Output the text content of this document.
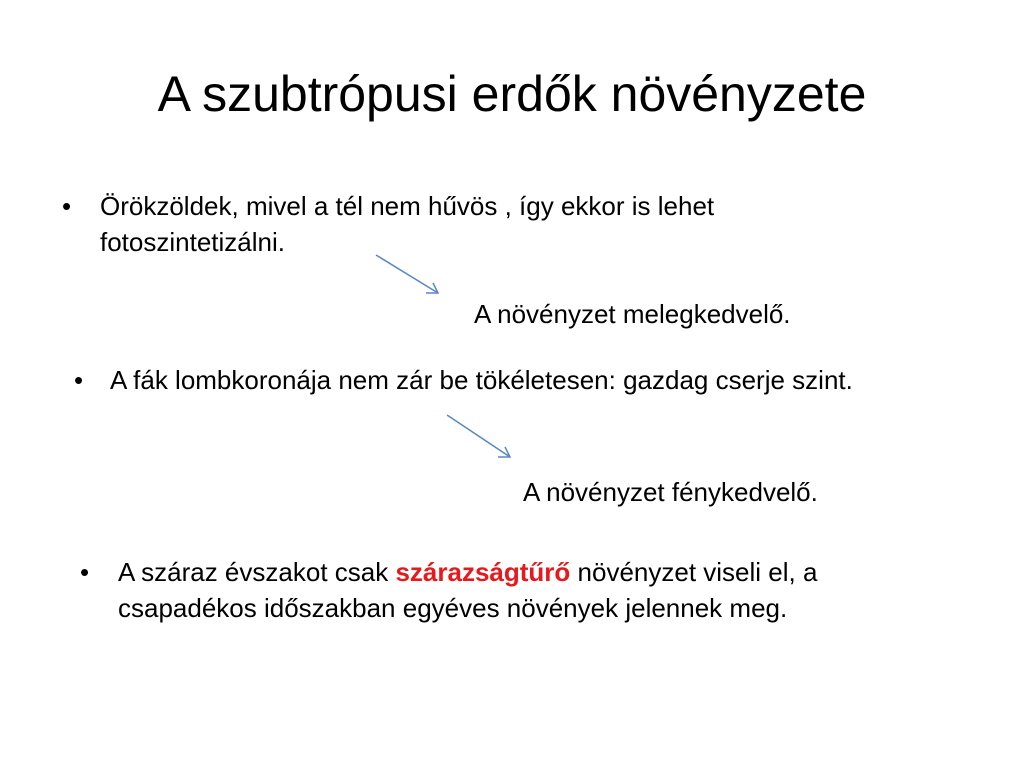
A szubtrópusi erdők növényzete
• Örökzöldek, mivel a tél nem hűvös , így ekkor is lehet
fotoszintetizálni.
A növényzet melegkedvelő.
• A fák lombkoronája nem zár be tökéletesen: gazdag cserje szint.
A növényzet fénykedvelő.
• A száraz évszakot csak szárazságtűrő növényzet viseli el, a
csapadékos időszakban egyéves növények jelennek meg.
